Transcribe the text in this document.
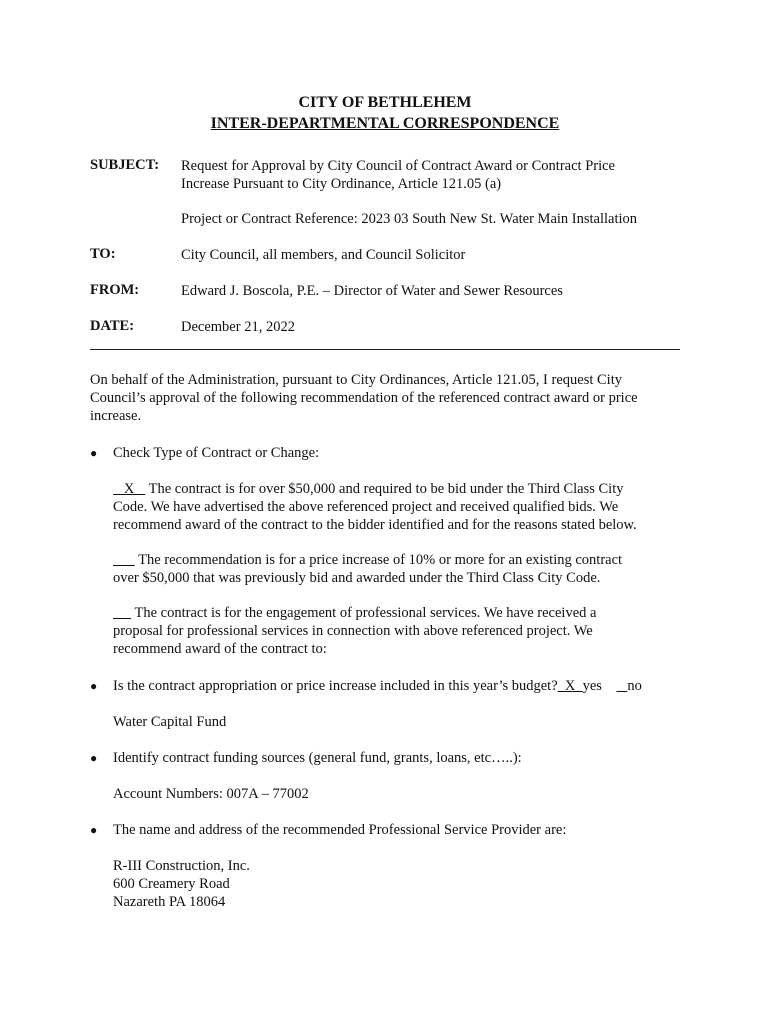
CITY OF BETHLEHEM
INTER-DEPARTMENTAL CORRESPONDENCE
SUBJECT: Request for Approval by City Council of Contract Award or Contract Price
Increase Pursuant to City Ordinance, Article 121.05 (a)
Project or Contract Reference: 2023 03 South New St. Water Main Installation
TO:	City Council, all members, and Council Solicitor
FROM:	Edward J. Boscola, P.E. – Director of Water and Sewer Resources
DATE:	December 21, 2022
On behalf of the Administration, pursuant to City Ordinances, Article 121.05, I request City
Council’s approval of the following recommendation of the referenced contract award or price
increase.
● Check Type of Contract or Change:
X    The contract is for over $50,000 and required to be bid under the Third Class City
Code. We have advertised the above referenced project and received qualified bids. We
recommend award of the contract to the bidder identified and for the reasons stated below.
The recommendation is for a price increase of 10% or more for an existing contract
over $50,000 that was previously bid and awarded under the Third Class City Code.
The contract is for the engagement of professional services. We have received a
proposal for professional services in connection with above referenced project. We
recommend award of the contract to:
● Is the contract appropriation or price increase included in this year’s budget?  X  yes no
Water Capital Fund
● Identify contract funding sources (general fund, grants, loans, etc…..):
Account Numbers: 007A – 77002
● The name and address of the recommended Professional Service Provider are:
R-III Construction, Inc.
600 Creamery Road
Nazareth PA 18064
